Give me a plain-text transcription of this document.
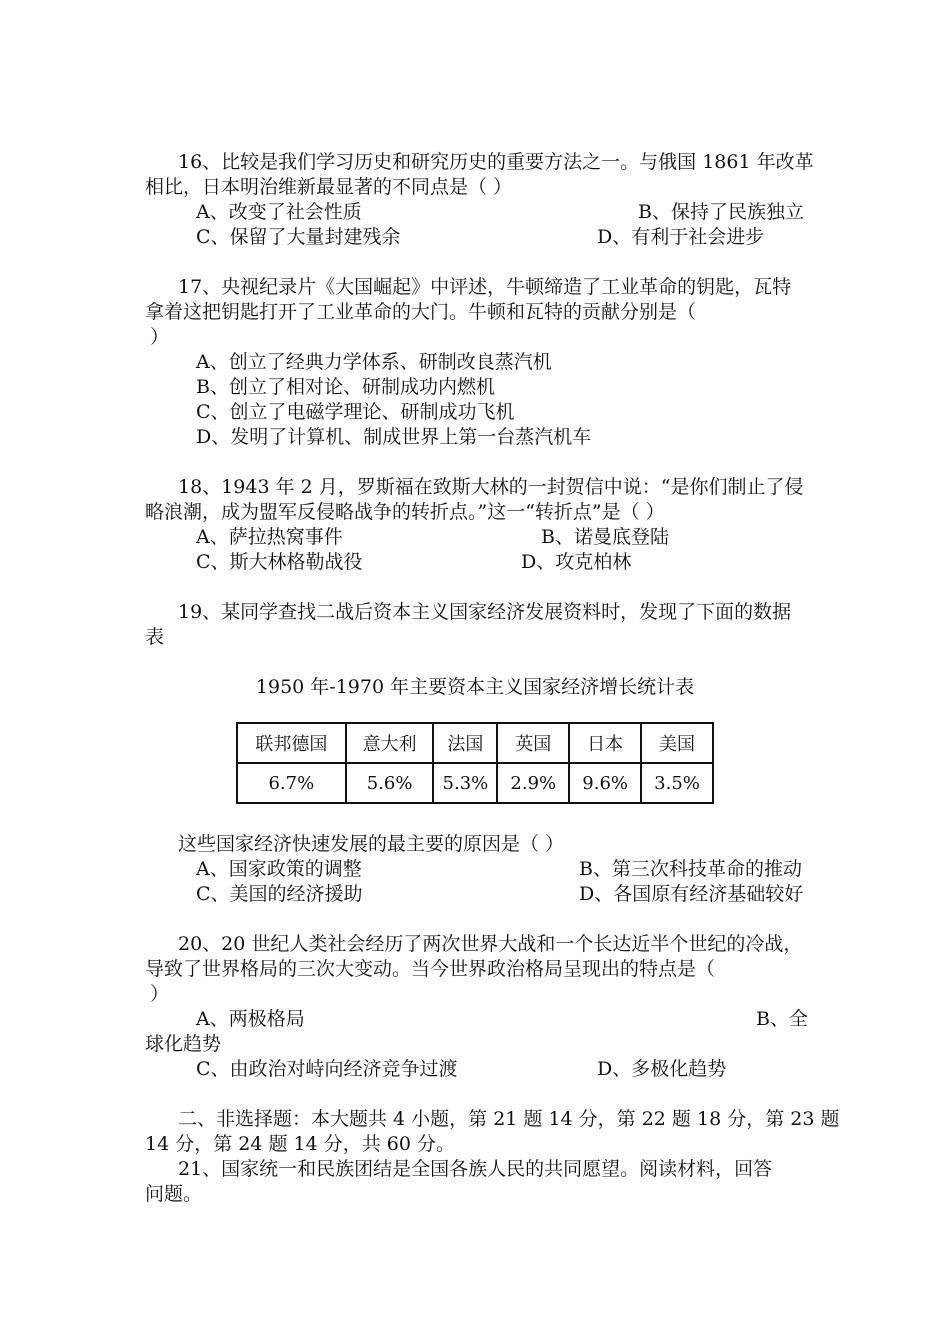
16、比较是我们学习历史和研究历史的重要方法之一。与俄国 1861 年改革
相比，日本明治维新最显著的不同点是（ ）
A、改变了社会性质	B、保持了民族独立
C、保留了大量封建残余	D、有利于社会进步
17、央视纪录片《大国崛起》中评述，牛顿缔造了工业革命的钥匙，瓦特
拿着这把钥匙打开了工业革命的大门。牛顿和瓦特的贡献分别是（
）
A、创立了经典力学体系、研制改良蒸汽机
B、创立了相对论、研制成功内燃机
C、创立了电磁学理论、研制成功飞机
D、发明了计算机、制成世界上第一台蒸汽机车
18、1943 年 2 月，罗斯福在致斯大林的一封贺信中说：“是你们制止了侵
略浪潮，成为盟军反侵略战争的转折点。”这一“转折点”是（ ）
A、萨拉热窝事件	B、诺曼底登陆
C、斯大林格勒战役	D、攻克柏林
19、某同学查找二战后资本主义国家经济发展资料时，发现了下面的数据
表
1950 年-1970 年主要资本主义国家经济增长统计表
联邦德国	意大利	法国	英国	日本	美国
6.7%	5.6%	5.3%	2.9%	9.6%	3.5%
这些国家经济快速发展的最主要的原因是（ ）
A、国家政策的调整	B、第三次科技革命的推动
C、美国的经济援助	D、各国原有经济基础较好
20、20 世纪人类社会经历了两次世界大战和一个长达近半个世纪的冷战，
导致了世界格局的三次大变动。当今世界政治格局呈现出的特点是（
）
A、两极格局	B、全
球化趋势
C、由政治对峙向经济竞争过渡	D、多极化趋势
二、非选择题：本大题共 4 小题，第 21 题 14 分，第 22 题 18 分，第 23 题
14 分，第 24 题 14 分，共 60 分。
21、国家统一和民族团结是全国各族人民的共同愿望。阅读材料，回答
问题。
